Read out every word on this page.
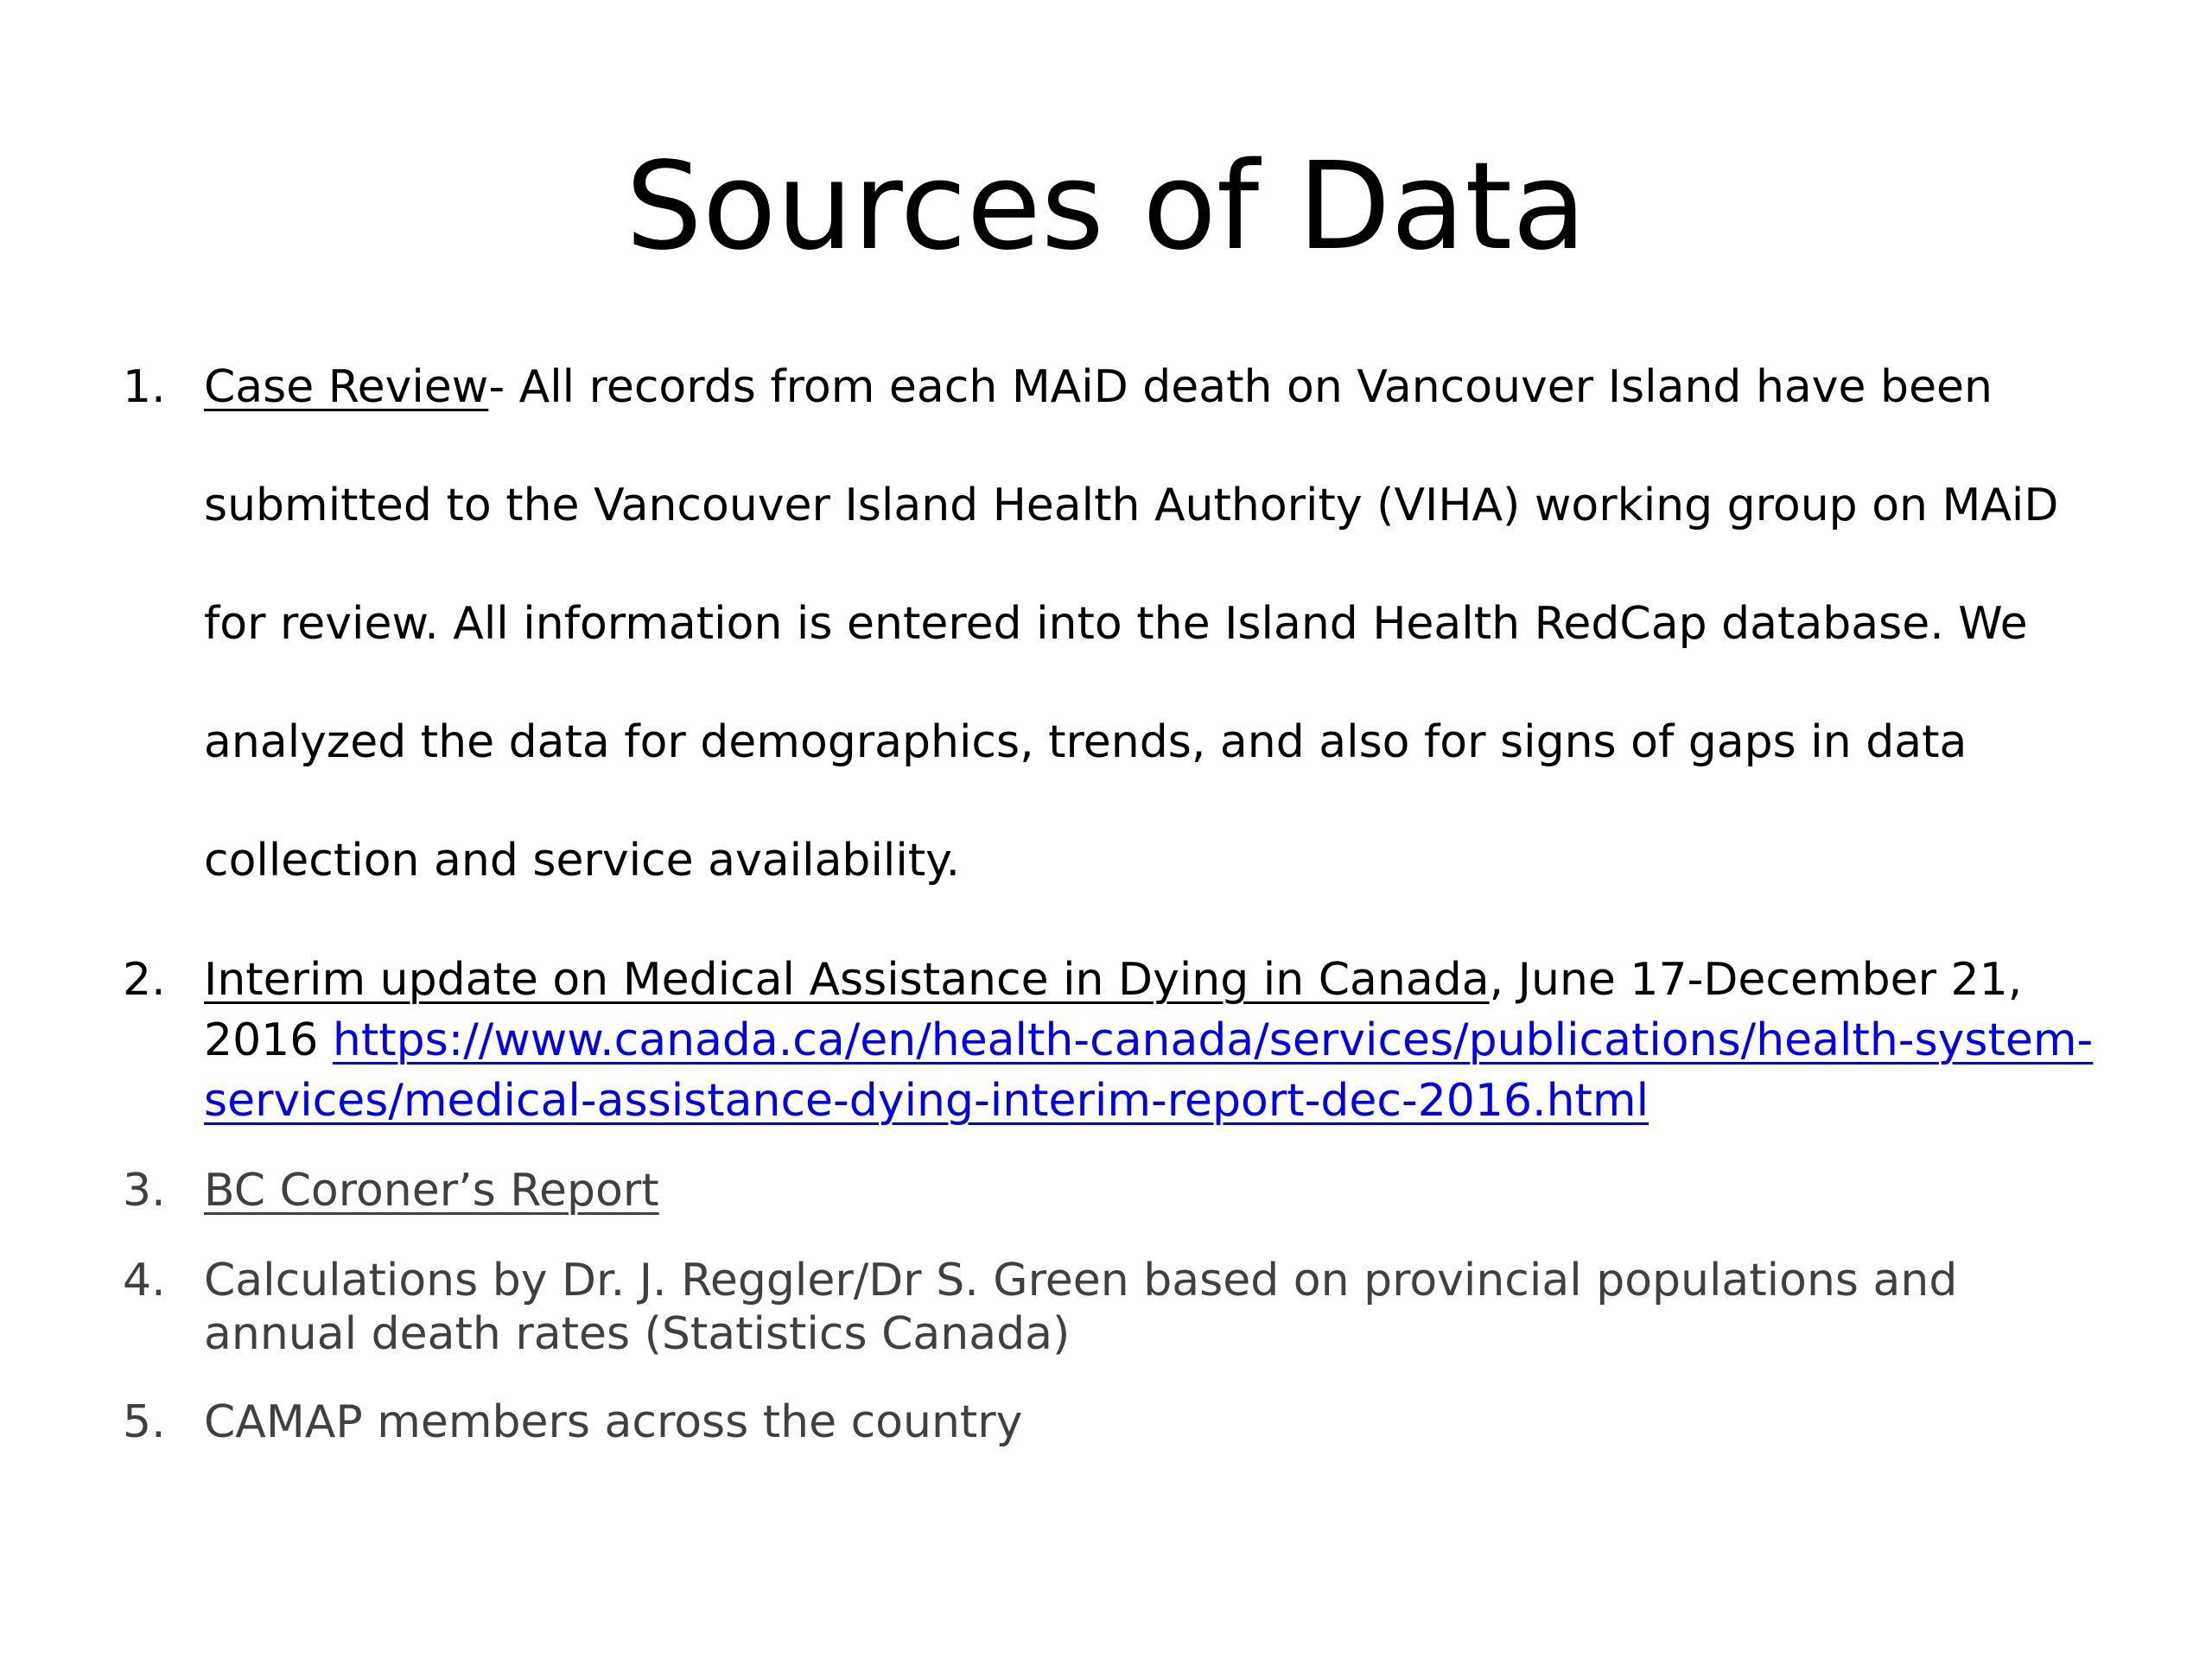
Sources of Data
1. Case Review- All records from each MAiD death on Vancouver Island have been submitted to the Vancouver Island Health Authority (VIHA) working group on MAiD for review. All information is entered into the Island Health RedCap database. We analyzed the data for demographics, trends, and also for signs of gaps in data collection and service availability.
2. Interim update on Medical Assistance in Dying in Canada, June 17-December 21, 2016 https://www.canada.ca/en/health-canada/services/publications/health-system-services/medical-assistance-dying-interim-report-dec-2016.html
3. BC Coroner’s Report
4. Calculations by Dr. J. Reggler/Dr S. Green based on provincial populations and annual death rates (Statistics Canada)
5. CAMAP members across the country
